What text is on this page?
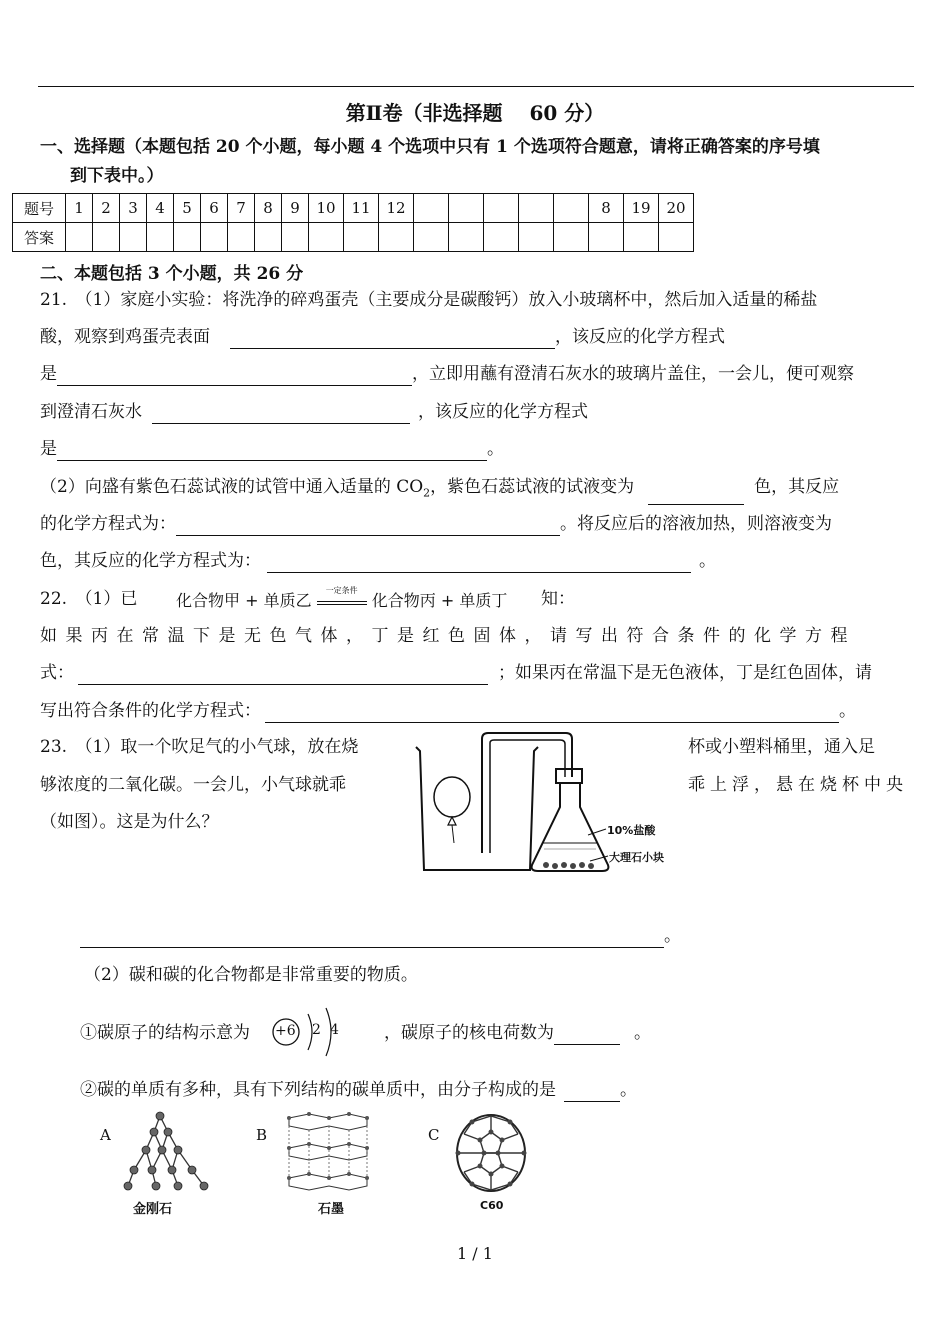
第Ⅱ卷（非选择题　 60 分）
一、选择题（本题包括 20 个小题，每小题 4 个选项中只有 1 个选项符合题意，请将正确答案的序号填
到下表中。）
题号	1	2	3	4	5	6	7	8	9	10	11	12						8	19	20
答案																				
二、本题包括 3 个小题，共 26 分
21.　（1）家庭小实验：将洗净的碎鸡蛋壳（主要成分是碳酸钙）放入小玻璃杯中，然后加入适量的稀盐
酸，观察到鸡蛋壳表面	，该反应的化学方程式
是	，立即用蘸有澄清石灰水的玻璃片盖住，一会儿，便可观察
到澄清石灰水	，该反应的化学方程式
是	。
（2）向盛有紫色石蕊试液的试管中通入适量的 $CO_2$，紫色石蕊试液的试液变为	色，其反应
的化学方程式为：	。将反应后的溶液加热，则溶液变为
色，其反应的化学方程式为：	。
22.　（1）已 化合物甲 + 单质乙
一定条件
化合物丙 + 单质丁 知：
如果丙在常温下是无色气体，丁是红色固体，请写出符合条件的化学方程
式：	；如果丙在常温下是无色液体，丁是红色固体，请
写出符合条件的化学方程式：	。
23.　（1）取一个吹足气的小气球，放在烧	杯或小塑料桶里，通入足
够浓度的二氧化碳。一会儿，小气球就乖	乖上浮，悬在烧杯中央
（如图）。这是为什么？	10%盐酸
大理石小块
。
（2）碳和碳的化合物都是非常重要的物质。
①碳原子的结构示意为 +6 2 4	，碳原子的核电荷数为	。
②碳的单质有多种，具有下列结构的碳单质中，由分子构成的是	。
A
金刚石
B
石墨
C
C60
1 / 1
